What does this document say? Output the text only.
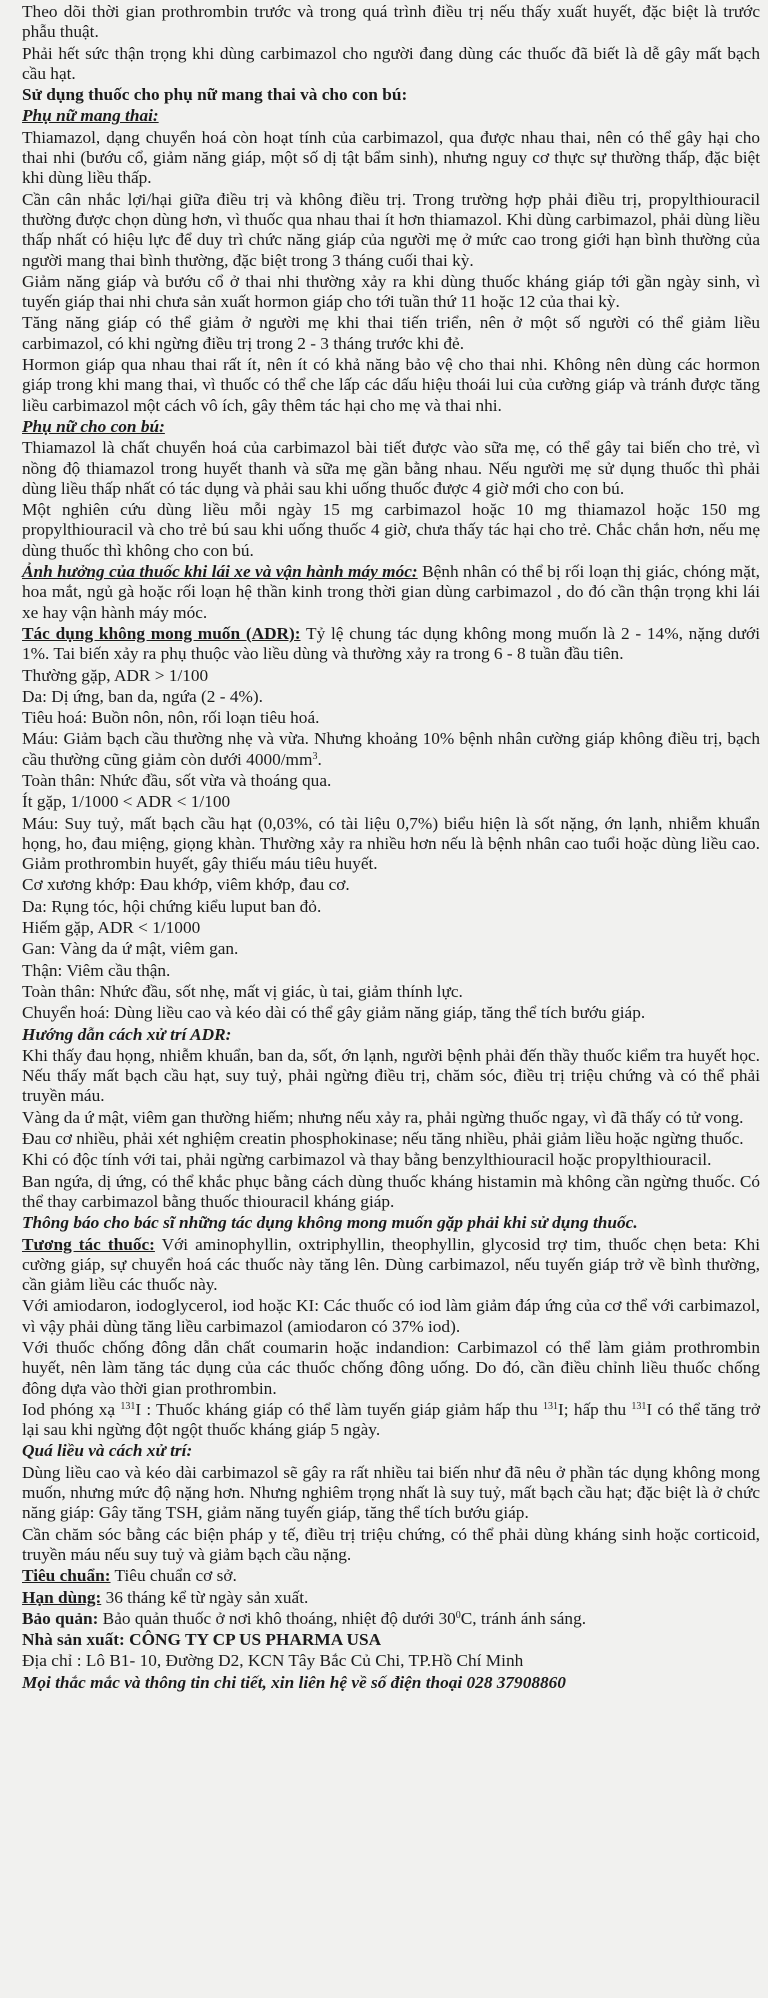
Theo dõi thời gian prothrombin trước và trong quá trình điều trị nếu thấy xuất huyết, đặc biệt là trước phẫu thuật.

Phải hết sức thận trọng khi dùng carbimazol cho người đang dùng các thuốc đã biết là dễ gây mất bạch cầu hạt.

Sử dụng thuốc cho phụ nữ mang thai và cho con bú:

Phụ nữ mang thai:

Thiamazol, dạng chuyển hoá còn hoạt tính của carbimazol, qua được nhau thai, nên có thể gây hại cho thai nhi (bướu cổ, giảm năng giáp, một số dị tật bẩm sinh), nhưng nguy cơ thực sự thường thấp, đặc biệt khi dùng liều thấp.

Cần cân nhắc lợi/hại giữa điều trị và không điều trị. Trong trường hợp phải điều trị, propylthiouracil thường được chọn dùng hơn, vì thuốc qua nhau thai ít hơn thiamazol. Khi dùng carbimazol, phải dùng liều thấp nhất có hiệu lực để duy trì chức năng giáp của người mẹ ở mức cao trong giới hạn bình thường của người mang thai bình thường, đặc biệt trong 3 tháng cuối thai kỳ.

Giảm năng giáp và bướu cổ ở thai nhi thường xảy ra khi dùng thuốc kháng giáp tới gần ngày sinh, vì tuyến giáp thai nhi chưa sản xuất hormon giáp cho tới tuần thứ 11 hoặc 12 của thai kỳ.

Tăng năng giáp có thể giảm ở người mẹ khi thai tiến triển, nên ở một số người có thể giảm liều carbimazol, có khi ngừng điều trị trong 2 - 3 tháng trước khi đẻ.

Hormon giáp qua nhau thai rất ít, nên ít có khả năng bảo vệ cho thai nhi. Không nên dùng các hormon giáp trong khi mang thai, vì thuốc có thể che lấp các dấu hiệu thoái lui của cường giáp và tránh được tăng liều carbimazol một cách vô ích, gây thêm tác hại cho mẹ và thai nhi.

Phụ nữ cho con bú:

Thiamazol là chất chuyển hoá của carbimazol bài tiết được vào sữa mẹ, có thể gây tai biến cho trẻ, vì nồng độ thiamazol trong huyết thanh và sữa mẹ gần bằng nhau. Nếu người mẹ sử dụng thuốc thì phải dùng liều thấp nhất có tác dụng và phải sau khi uống thuốc được 4 giờ mới cho con bú.

Một nghiên cứu dùng liều mỗi ngày 15 mg carbimazol hoặc 10 mg thiamazol hoặc 150 mg propylthiouracil và cho trẻ bú sau khi uống thuốc 4 giờ, chưa thấy tác hại cho trẻ. Chắc chắn hơn, nếu mẹ dùng thuốc thì không cho con bú.

Ảnh hưởng của thuốc khi lái xe và vận hành máy móc: Bệnh nhân có thể bị rối loạn thị giác, chóng mặt, hoa mắt, ngủ gà hoặc rối loạn hệ thần kinh trong thời gian dùng carbimazol , do đó cần thận trọng khi lái xe hay vận hành máy móc.

Tác dụng không mong muốn (ADR): Tỷ lệ chung tác dụng không mong muốn là 2 - 14%, nặng dưới 1%. Tai biến xảy ra phụ thuộc vào liều dùng và thường xảy ra trong 6 - 8 tuần đầu tiên.

Thường gặp, ADR > 1/100

Da: Dị ứng, ban da, ngứa (2 - 4%).

Tiêu hoá: Buồn nôn, nôn, rối loạn tiêu hoá.

Máu: Giảm bạch cầu thường nhẹ và vừa. Nhưng khoảng 10% bệnh nhân cường giáp không điều trị, bạch cầu thường cũng giảm còn dưới $4000/mm^3$.

Toàn thân: Nhức đầu, sốt vừa và thoáng qua.

Ít gặp, 1/1000 < ADR < 1/100

Máu: Suy tuỷ, mất bạch cầu hạt (0,03%, có tài liệu 0,7%) biểu hiện là sốt nặng, ớn lạnh, nhiễm khuẩn họng, ho, đau miệng, giọng khàn. Thường xảy ra nhiều hơn nếu là bệnh nhân cao tuổi hoặc dùng liều cao. Giảm prothrombin huyết, gây thiếu máu tiêu huyết.

Cơ xương khớp: Đau khớp, viêm khớp, đau cơ.

Da: Rụng tóc, hội chứng kiểu luput ban đỏ.

Hiếm gặp, ADR < 1/1000

Gan: Vàng da ứ mật, viêm gan.

Thận: Viêm cầu thận.

Toàn thân: Nhức đầu, sốt nhẹ, mất vị giác, ù tai, giảm thính lực.

Chuyển hoá: Dùng liều cao và kéo dài có thể gây giảm năng giáp, tăng thể tích bướu giáp.

Hướng dẫn cách xử trí ADR:

Khi thấy đau họng, nhiễm khuẩn, ban da, sốt, ớn lạnh, người bệnh phải đến thầy thuốc kiểm tra huyết học. Nếu thấy mất bạch cầu hạt, suy tuỷ, phải ngừng điều trị, chăm sóc, điều trị triệu chứng và có thể phải truyền máu.

Vàng da ứ mật, viêm gan thường hiếm; nhưng nếu xảy ra, phải ngừng thuốc ngay, vì đã thấy có tử vong.

Đau cơ nhiều, phải xét nghiệm creatin phosphokinase; nếu tăng nhiều, phải giảm liều hoặc ngừng thuốc.

Khi có độc tính với tai, phải ngừng carbimazol và thay bằng benzylthiouracil hoặc propylthiouracil.

Ban ngứa, dị ứng, có thể khắc phục bằng cách dùng thuốc kháng histamin mà không cần ngừng thuốc. Có thể thay carbimazol bằng thuốc thiouracil kháng giáp.

Thông báo cho bác sĩ những tác dụng không mong muốn gặp phải khi sử dụng thuốc.

Tương tác thuốc: Với aminophyllin, oxtriphyllin, theophyllin, glycosid trợ tim, thuốc chẹn beta: Khi cường giáp, sự chuyển hoá các thuốc này tăng lên. Dùng carbimazol, nếu tuyến giáp trở về bình thường, cần giảm liều các thuốc này.

Với amiodaron, iodoglycerol, iod hoặc KI: Các thuốc có iod làm giảm đáp ứng của cơ thể với carbimazol, vì vậy phải dùng tăng liều carbimazol (amiodaron có 37% iod).

Với thuốc chống đông dẫn chất coumarin hoặc indandion: Carbimazol có thể làm giảm prothrombin huyết, nên làm tăng tác dụng của các thuốc chống đông uống. Do đó, cần điều chỉnh liều thuốc chống đông dựa vào thời gian prothrombin.

Iod phóng xạ $^{131}$I : Thuốc kháng giáp có thể làm tuyến giáp giảm hấp thu $^{131}$I; hấp thu $^{131}$I có thể tăng trở lại sau khi ngừng đột ngột thuốc kháng giáp 5 ngày.

Quá liều và cách xử trí:

Dùng liều cao và kéo dài carbimazol sẽ gây ra rất nhiều tai biến như đã nêu ở phần tác dụng không mong muốn, nhưng mức độ nặng hơn. Nhưng nghiêm trọng nhất là suy tuỷ, mất bạch cầu hạt; đặc biệt là ở chức năng giáp: Gây tăng TSH, giảm năng tuyến giáp, tăng thể tích bướu giáp.

Cần chăm sóc bằng các biện pháp y tế, điều trị triệu chứng, có thể phải dùng kháng sinh hoặc corticoid, truyền máu nếu suy tuỷ và giảm bạch cầu nặng.

Tiêu chuẩn: Tiêu chuẩn cơ sở.

Hạn dùng: 36 tháng kể từ ngày sản xuất.

Bảo quản: Bảo quản thuốc ở nơi khô thoáng, nhiệt độ dưới $30^0C$, tránh ánh sáng.

Nhà sản xuất: CÔNG TY CP US PHARMA USA

Địa chỉ : Lô B1- 10, Đường D2, KCN Tây Bắc Củ Chi, TP.Hồ Chí Minh

Mọi thắc mắc và thông tin chi tiết, xin liên hệ về số điện thoại 028 37908860
